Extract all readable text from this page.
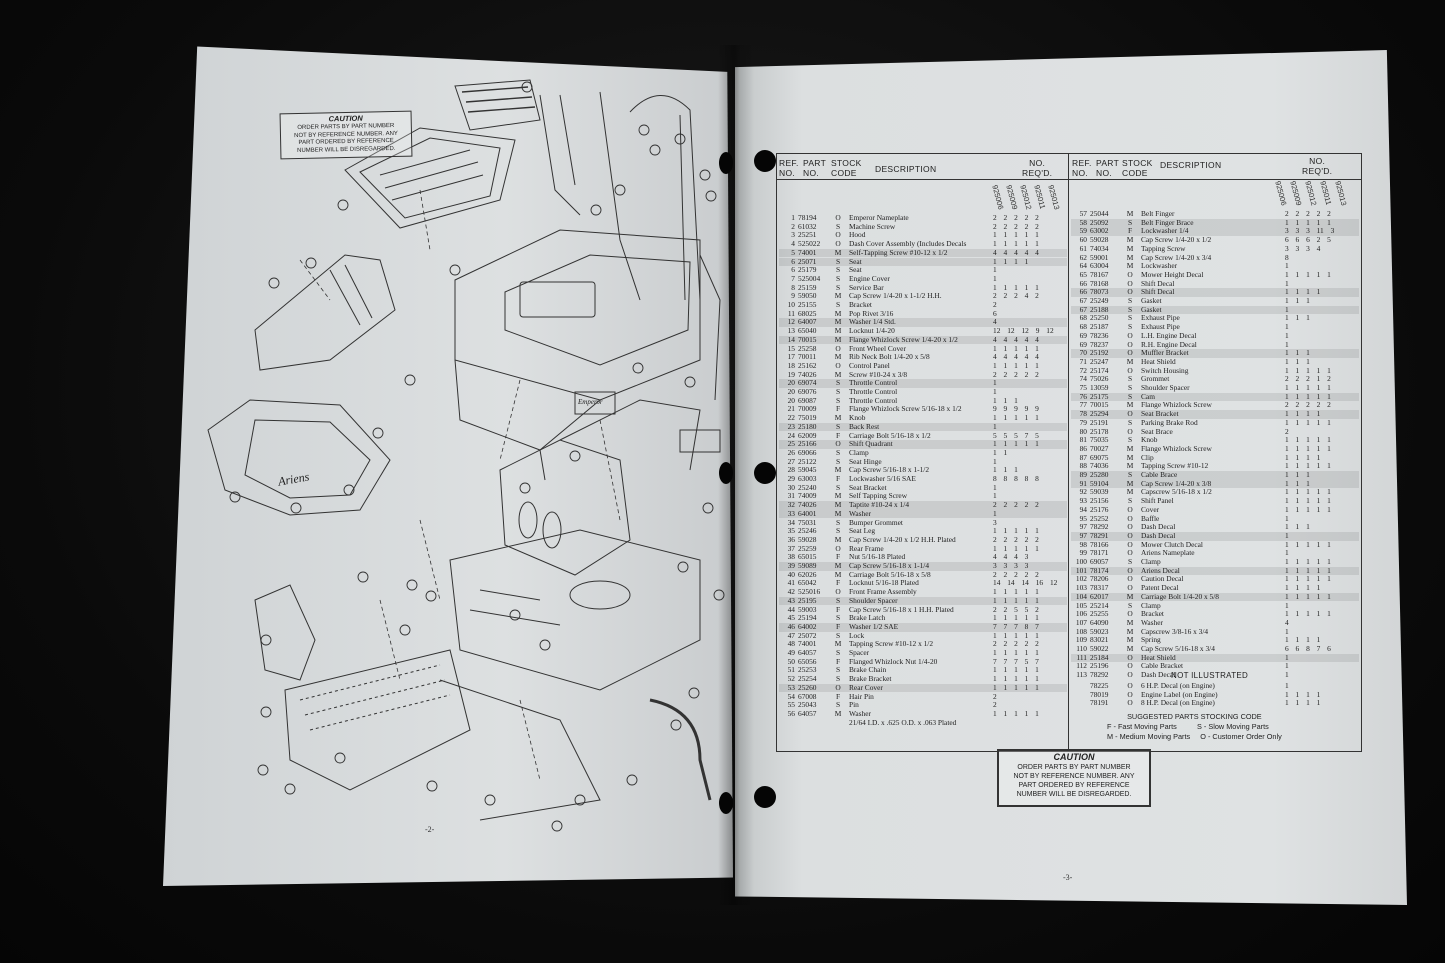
CAUTION
ORDER PARTS BY PART NUMBER
NOT BY REFERENCE NUMBER. ANY
PART ORDERED BY REFERENCE
NUMBER WILL BE DISREGARDED.
Ariens
Emperor
-2-
REF.
NO.
PART
NO.
STOCK
CODE	DESCRIPTION
NO.
REQ'D.
REF.
NO.
PART
NO.
STOCK
CODE
DESCRIPTION	NO.
REQ'D.
925006
925009
925012
925011
925013	925006 925009 925012 925011 925013
1 78194	O	Emperor Nameplate	2 2 2 2 2
2 61032	S	Machine Screw	2 2 2 2 2
3 25251	O	Hood	1 1 1 1 1
4 525022	O	Dash Cover Assembly (Includes Decals	1 1 1 1 1
5 74001	M Self-Tapping Screw #10-12 x 1/2	4 4 4 4 4
6 25071	S	Seat	1 1 1 1
6 25179	S	Seat	1
7 525004	S	Engine Cover	1
8 25159	S	Service Bar	1 1 1 1 1
9 59050	M Cap Screw 1/4-20 x 1-1/2 H.H.	2 2 2 4 2
10 25155	S	Bracket	2
11 68025	M Pop Rivet 3/16	6
12 64007	M Washer 1/4 Std.	4
13 65040	M Locknut 1/4-20	12 12 12 9 12
14 70015	M Flange Whizlock Screw 1/4-20 x 1/2	4 4 4 4 4
15 25258	O	Front Wheel Cover	1 1 1 1 1
17 70011	M Rib Neck Bolt 1/4-20 x 5/8	4 4 4 4 4
18 25162	O	Control Panel	1 1 1 1 1
19 74026	M Screw #10-24 x 3/8	2 2 2 2 2
20 69074	S	Throttle Control	1
20 69076	S	Throttle Control	1
20 69087	S	Throttle Control	1 1 1
21 70009	F	Flange Whizlock Screw 5/16-18 x 1/2	9 9 9 9 9
22 75019	M Knob	1 1 1 1 1
23 25180	S	Back Rest	1
24 62009	F	Carriage Bolt 5/16-18 x 1/2	5 5 5 7 5
25 25166	O	Shift Quadrant	1 1 1 1 1
26 69066	S	Clamp	1 1
27 25122	S	Seat Hinge	1
28 59045	M Cap Screw 5/16-18 x 1-1/2	1 1 1
29 63003	F	Lockwasher 5/16 SAE	8 8 8 8 8
30 25240	S	Seat Bracket	1
31 74009	M Self Tapping Screw	1
32 74026	M Taptite #10-24 x 1/4	2 2 2 2 2
33 64001	M Washer	1
34 75031	S	Bumper Grommet	3
35 25246	S	Seat Leg	1 1 1 1 1
36 59028	M Cap Screw 1/4-20 x 1/2 H.H. Plated	2 2 2 2 2
37 25259	O	Rear Frame	1 1 1 1 1
38 65015	F	Nut 5/16-18 Plated	4 4 4 3
39 59089	M Cap Screw 5/16-18 x 1-1/4	3 3 3 3
40 62026	M Carriage Bolt 5/16-18 x 5/8	2 2 2 2 2
41 65042	F	Locknut 5/16-18 Plated	14 14 14 16 12
42 525016	O	Front Frame Assembly	1 1 1 1 1
43 25195	S	Shoulder Spacer	1 1 1 1 1
44 59003	F	Cap Screw 5/16-18 x 1 H.H. Plated	2 2 5 5 2
45 25194	S	Brake Latch	1 1 1 1 1
46 64002	F	Washer 1/2 SAE	7 7 7 8 7
47 25072	S	Lock	1 1 1 1 1
48 74001	M Tapping Screw #10-12 x 1/2	2 2 2 2 2
49 64057	S	Spacer	1 1 1 1 1
50 65056	F	Flanged Whizlock Nut 1/4-20	7 7 7 5 7
51 25253	S	Brake Chain	1 1 1 1 1
52 25254	S	Brake Bracket	1 1 1 1 1
53 25260	O	Rear Cover	1 1 1 1 1
54 67008	F	Hair Pin	2
55 25043	S	Pin	2
56 64057	M Washer	1 1 1 1 1
21/64 I.D. x .625 O.D. x .063 Plated
57 25044	M Belt Finger	2 2 2 2 2
58 25092	S	Belt Finger Brace	1 1 1 1 1
59 63002	F	Lockwasher 1/4	3 3 3 11 3
60 59028	M Cap Screw 1/4-20 x 1/2	6 6 6 2 5
61 74034	M Tapping Screw	3 3 3 4
62 59001	M Cap Screw 1/4-20 x 3/4	8
64 63004	M Lockwasher	1
65 78167	O	Mower Height Decal	1 1 1 1 1
66 78168	O	Shift Decal	1
66 78073	O	Shift Decal	1 1 1 1
67 25249	S	Gasket	1 1 1
67 25188	S	Gasket	1
68 25250	S	Exhaust Pipe	1 1 1
68 25187	S	Exhaust Pipe	1
69 78236	O	L.H. Engine Decal	1
69 78237	O	R.H. Engine Decal	1
70 25192	O	Muffler Bracket	1 1 1
71 25247	M Heat Shield	1 1 1
72 25174	O	Switch Housing	1 1 1 1 1
74 75026	S	Grommet	2 2 2 1 2
75 13059	S	Shoulder Spacer	1 1 1 1 1
76 25175	S	Cam	1 1 1 1 1
77 70015	M Flange Whizlock Screw	2 2 2 2 2
78 25294	O	Seat Bracket	1 1 1 1
79 25191	S	Parking Brake Rod	1 1 1 1 1
80 25178	O	Seat Brace	2
81 75035	S	Knob	1 1 1 1 1
86 70027	M Flange Whizlock Screw	1 1 1 1 1
87 69075	M Clip	1 1 1 1
88 74036	M Tapping Screw #10-12	1 1 1 1 1
89 25280	S	Cable Brace	1 1 1
91 59104	M Cap Screw 1/4-20 x 3/8	1 1 1
92 59039	M Capscrew 5/16-18 x 1/2	1 1 1 1 1
93 25156	S	Shift Panel	1 1 1 1 1
94 25176	O	Cover	1 1 1 1 1
95 25252	O	Baffle	1
97 78292	O	Dash Decal	1 1 1
97 78291	O	Dash Decal	1
98 78166	O	Mower Clutch Decal	1 1 1 1 1
99 78171	O	Ariens Nameplate	1
100 69057	S	Clamp	1 1 1 1 1
101 78174	O	Ariens Decal	1 1 1 1 1
102 78206	O	Caution Decal	1 1 1 1 1
103 78317	O	Patent Decal	1 1 1 1
104 62017	M Carriage Bolt 1/4-20 x 5/8	1 1 1 1 1
105 25214	S	Clamp	1
106 25255	O	Bracket	1 1 1 1 1
107 64090	M Washer	4
108 59023	M Capscrew 3/8-16 x 3/4	1
109 83021	M Spring	1 1 1 1
110 59022	M Cap Screw 5/16-18 x 3/4	6 6 8 7 6
111 25184	O	Heat Shield	1
112 25196	O	Cable Bracket	1
113 78292	O	Dash Decal	1
NOT ILLUSTRATED
78225	O	6 H.P. Decal (on Engine)	1
78019	O	Engine Label (on Engine)	1 1 1 1
78191	O	8 H.P. Decal (on Engine)	1 1 1 1
SUGGESTED PARTS STOCKING CODE
F - Fast Moving Parts          S - Slow Moving Parts
M - Medium Moving Parts     O - Customer Order Only
CAUTION
ORDER PARTS BY PART NUMBER
NOT BY REFERENCE NUMBER. ANY
PART ORDERED BY REFERENCE
NUMBER WILL BE DISREGARDED.
-3-
